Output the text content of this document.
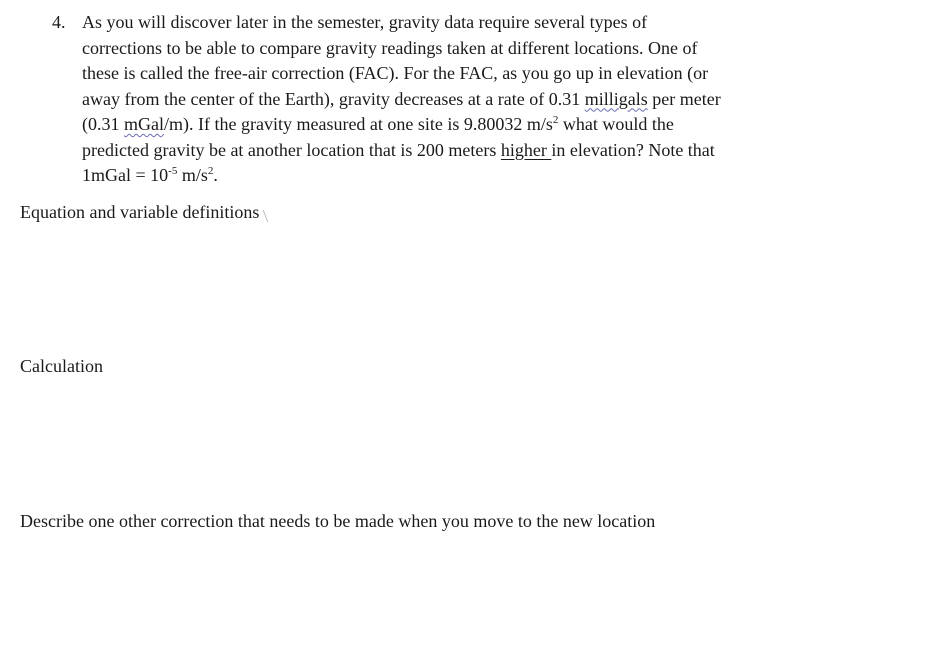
4. As you will discover later in the semester, gravity data require several types of
corrections to be able to compare gravity readings taken at different locations. One of
these is called the free-air correction (FAC). For the FAC, as you go up in elevation (or
away from the center of the Earth), gravity decreases at a rate of 0.31 milligals per meter
(0.31 mGal/m). If the gravity measured at one site is 9.80032 $m/s^2$ what would the
predicted gravity be at another location that is 200 meters higher in elevation? Note that
1mGal = $10^{-5}$ $m/s^2$.
Equation and variable definitions
Calculation
Describe one other correction that needs to be made when you move to the new location
